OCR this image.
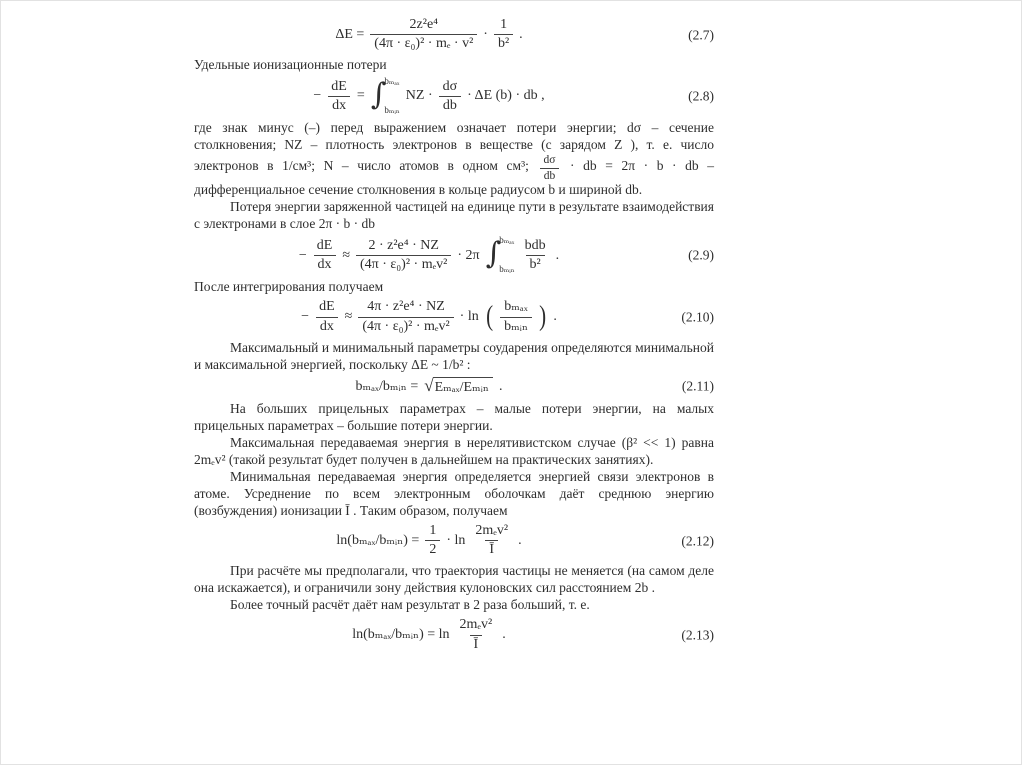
$\Delta E = \frac{\text{2z²e⁴}}{\text{(4π · ε₀)² · mₑ · v²}} \cdot \frac{1}{\text{b²}}$ .	(2.7)

Удельные ионизационные потери

− $\frac{dE}{dx}$ = ∫
bₘₐₓ
bₘᵢₙ
NZ · $\frac{d\sigma}{db} \cdot \Delta E$ (b) · db ,	(2.8)

где знак минус (–) перед выражением означает потери энергии; dσ – сечение столкновения; NZ – плотность электронов в веществе (с зарядом Z ), т. е. число электронов в 1/см³; N – число атомов в одном см³; $\frac{d\sigma}{db}$ · db = 2π · b · db – дифференциальное сечение столкновения в кольце радиусом b и шириной db.

Потеря энергии заряженной частицей на единице пути в результате взаимодействия с электронами в слое 2π · b · db

− $\frac{dE}{dx} \approx \frac{\text{2 · z²e⁴ · NZ}}{\text{(4π · ε₀)² · mₑv²}} \cdot 2\pi$ ∫
bₘₐₓ
bₘᵢₙ $\frac{\text{bdb}}{\text{b²}}$ .	(2.9)

После интегрирования получаем

− $\frac{dE}{dx} \approx \frac{\text{4π · z²e⁴ · NZ}}{\text{(4π · ε₀)² · mₑv²}} \cdot \ln$ ( $\frac{\text{bₘₐₓ}}{\text{bₘᵢₙ}}$ ) .	(2.10)

Максимальный и минимальный параметры соударения определяются минимальной и максимальной энергией, поскольку ΔE ~ 1/b² :

bₘₐₓ/bₘᵢₙ = √ Eₘₐₓ/Eₘᵢₙ .	(2.11)

На больших прицельных параметрах – малые потери энергии, на малых прицельных параметрах – большие потери энергии.

Максимальная передаваемая энергия в нерелятивистском случае (β² << 1) равна 2mₑv² (такой результат будет получен в дальнейшем на практических занятиях).

Минимальная передаваемая энергия определяется энергией связи электронов в атоме. Усреднение по всем электронным оболочкам даёт среднюю энергию (возбуждения) ионизации Ī . Таким образом, получаем

ln(bₘₐₓ/bₘᵢₙ) = $\frac{1}{2} \cdot \ln \frac{\text{2mₑv²}}{Ī}$ .	(2.12)

При расчёте мы предполагали, что траектория частицы не меняется (на самом деле она искажается), и ограничили зону действия кулоновских сил расстоянием 2b .

Более точный расчёт даёт нам результат в 2 раза больший, т. е.

ln(bₘₐₓ/bₘᵢₙ) = $\ln \frac{\text{2mₑv²}}{Ī}$ .	(2.13)
